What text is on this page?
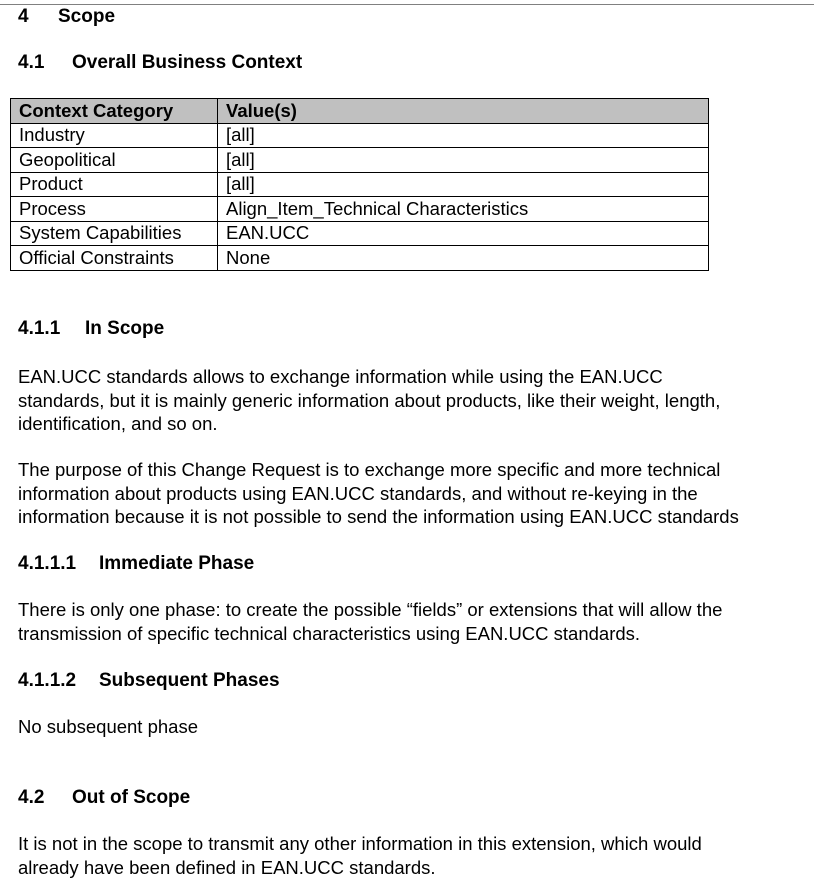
4 Scope
4.1 Overall Business Context
Context Category	Value(s)
Industry	[all]
Geopolitical	[all]
Product	[all]
Process	Align_Item_Technical Characteristics
System Capabilities	EAN.UCC
Official Constraints	None
4.1.1 In Scope
EAN.UCC standards allows to exchange information while using the EAN.UCC
standards, but it is mainly generic information about products, like their weight, length,
identification, and so on.
The purpose of this Change Request is to exchange more specific and more technical
information about products using EAN.UCC standards, and without re-keying in the
information because it is not possible to send the information using EAN.UCC standards
4.1.1.1 Immediate Phase
There is only one phase: to create the possible “fields” or extensions that will allow the
transmission of specific technical characteristics using EAN.UCC standards.
4.1.1.2 Subsequent Phases
No subsequent phase
4.2 Out of Scope
It is not in the scope to transmit any other information in this extension, which would
already have been defined in EAN.UCC standards.
